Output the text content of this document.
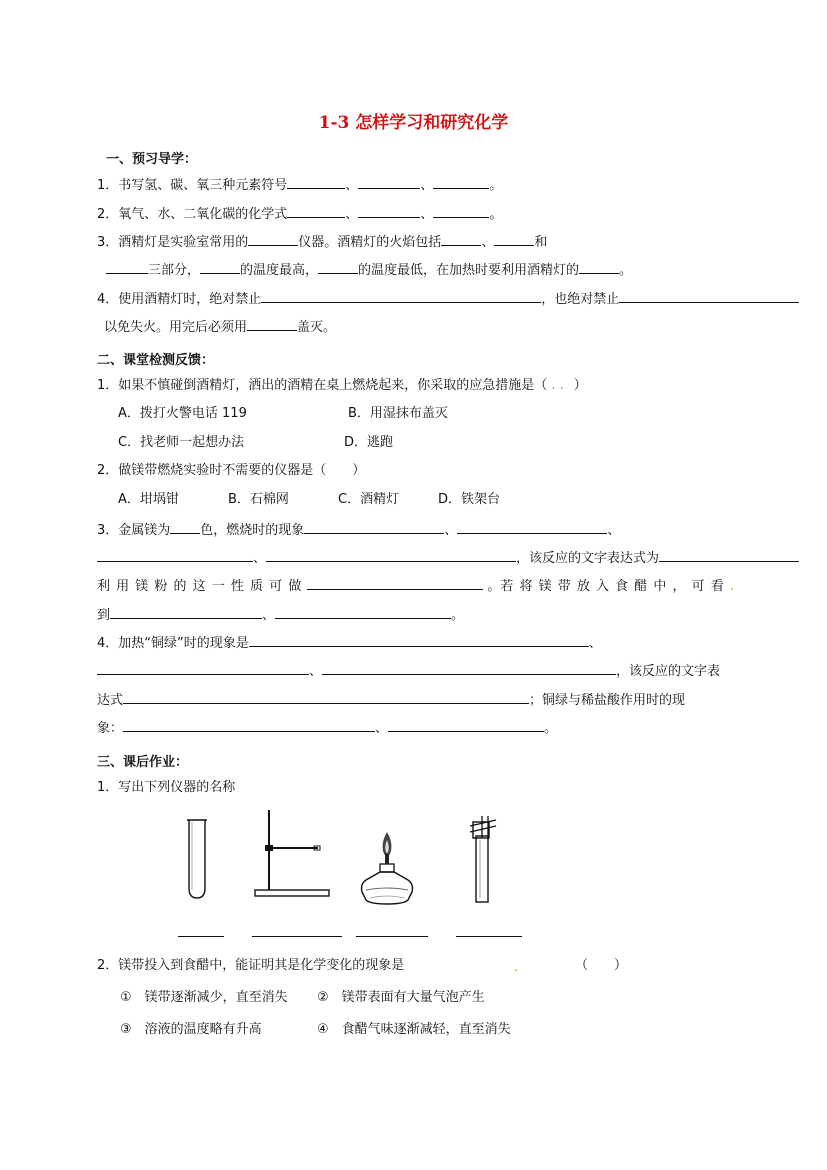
1-3 怎样学习和研究化学
一、预习导学：
1．书写氢、碳、氧三种元素符号	、	、	。
2．氧气、水、二氧化碳的化学式	、	、	。
3．酒精灯是实验室常用的	仪器。酒精灯的火焰包括	、	和
三部分，	的温度最高，	的温度最低，在加热时要利用酒精灯的	。
4．使用酒精灯时，绝对禁止	，也绝对禁止
以免失火。用完后必须用	盖灭。
二、课堂检测反馈：
1．如果不慎碰倒酒精灯，洒出的酒精在桌上燃烧起来，你采取的应急措施是（ . . ）
A．拨打火警电话 119	B．用湿抹布盖灭
C．找老师一起想办法	D．逃跑
2．做镁带燃烧实验时不需要的仪器是（　　）
A．坩埚钳	B．石棉网	C．酒精灯	D．铁架台
3．金属镁为 色，燃烧时的现象	、	、
、	，该反应的文字表达式为
利 用 镁 粉 的 这 一 性 质 可 做	。若 将 镁 带 放 入 食 醋 中 ， 可 看 .
到	、	。
4．加热“铜绿”时的现象是	、
、	，该反应的文字表
达式	；铜绿与稀盐酸作用时的现
象：	、	。
三、课后作业：
1．写出下列仪器的名称
2．镁带投入到食醋中，能证明其是化学变化的现象是	.	（　　）
①　镁带逐渐减少，直至消失 ②　镁带表面有大量气泡产生
③　溶液的温度略有升高	④　食醋气味逐渐减轻，直至消失
